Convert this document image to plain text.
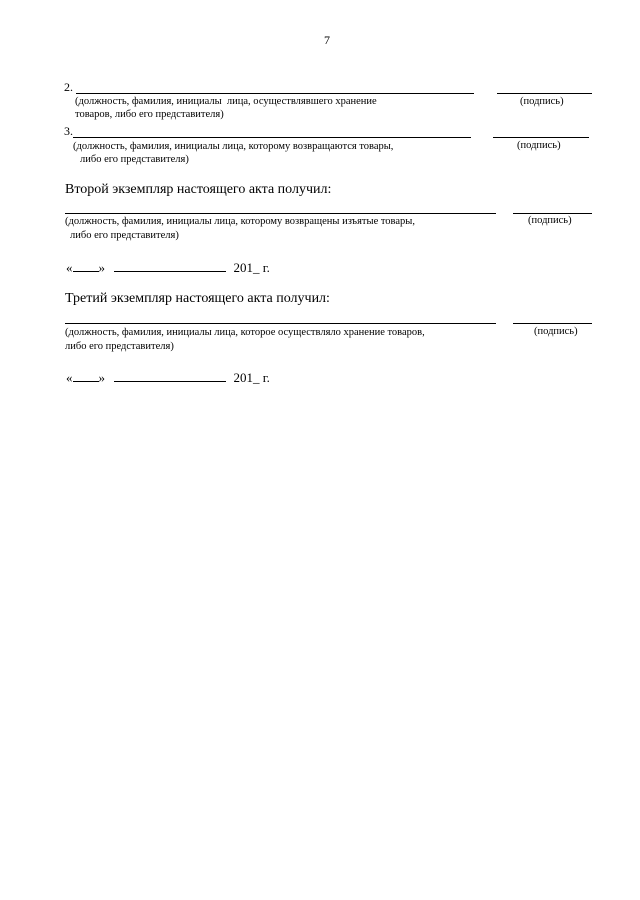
7
2.
(должность, фамилия, инициалы  лица, осуществлявшего хранение
товаров, либо его представителя)
(подпись)
3.
(должность, фамилия, инициалы лица, которому возвращаются товары,
либо его представителя)
(подпись)
Второй экземпляр настоящего акта получил:
(должность, фамилия, инициалы лица, которому возвращены изъятые товары,
либо его представителя)
(подпись)
« »	201_ г.
Третий экземпляр настоящего акта получил:
(должность, фамилия, инициалы лица, которое осуществляло хранение товаров,
либо его представителя)
(подпись)
« »	201_ г.
